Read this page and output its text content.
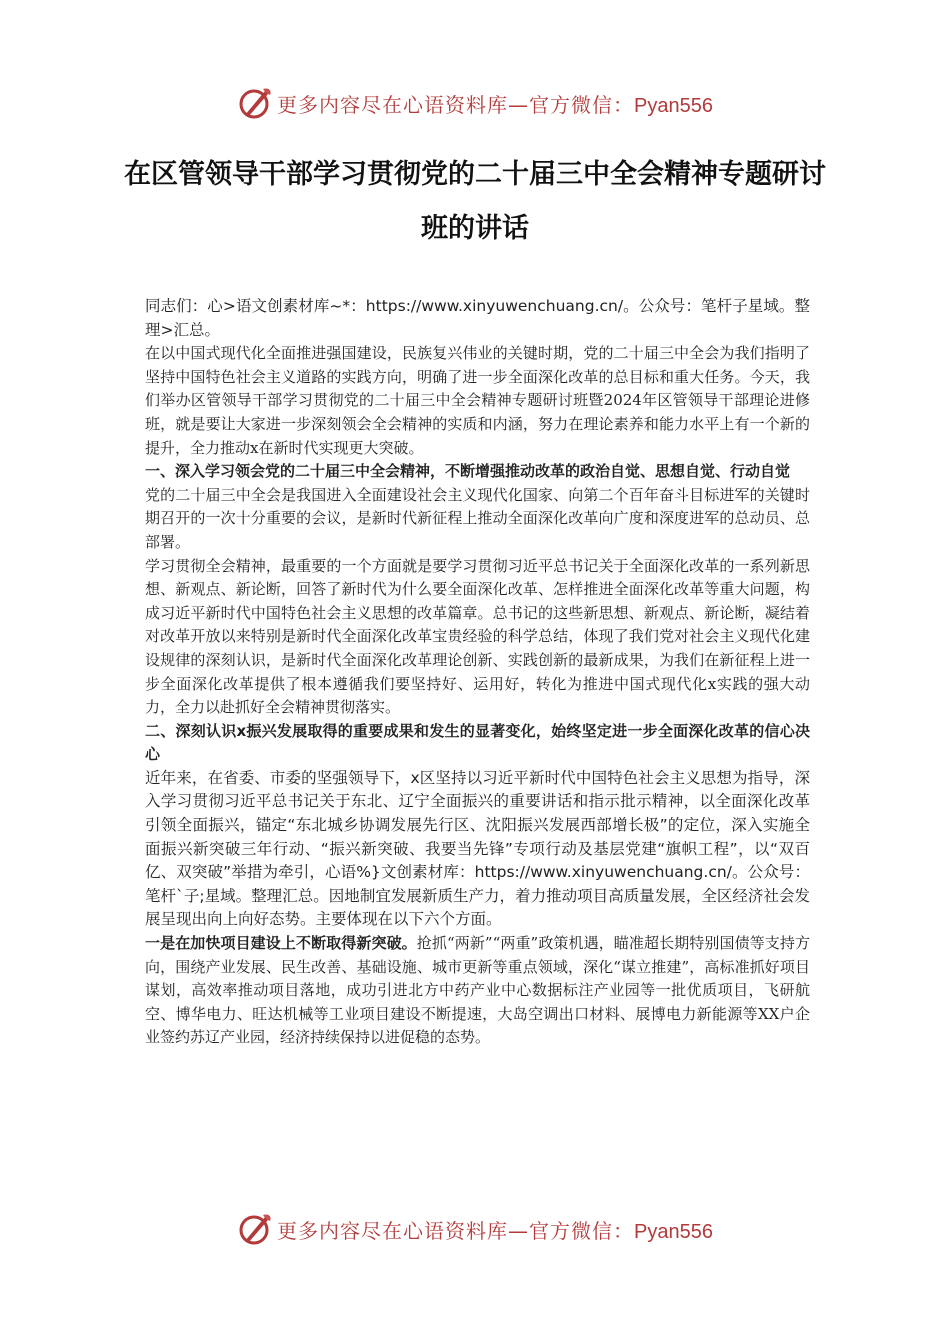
更多内容尽在心语资料库—官方微信：Pyan556
在区管领导干部学习贯彻党的二十届三中全会精神专题研讨班的讲话

同志们：心>语文创素材库~*：https://www.xinyuwenchuang.cn/。公众号：笔杆子星域。整理>汇总。

在以中国式现代化全面推进强国建设，民族复兴伟业的关键时期，党的二十届三中全会为我们指明了坚持中国特色社会主义道路的实践方向，明确了进一步全面深化改革的总目标和重大任务。今天，我们举办区管领导干部学习贯彻党的二十届三中全会精神专题研讨班暨2024年区管领导干部理论进修班，就是要让大家进一步深刻领会全会精神的实质和内涵，努力在理论素养和能力水平上有一个新的提升，全力推动x在新时代实现更大突破。

一、深入学习领会党的二十届三中全会精神，不断增强推动改革的政治自觉、思想自觉、行动自觉

党的二十届三中全会是我国进入全面建设社会主义现代化国家、向第二个百年奋斗目标进军的关键时期召开的一次十分重要的会议，是新时代新征程上推动全面深化改革向广度和深度进军的总动员、总部署。

学习贯彻全会精神，最重要的一个方面就是要学习贯彻习近平总书记关于全面深化改革的一系列新思想、新观点、新论断，回答了新时代为什么要全面深化改革、怎样推进全面深化改革等重大问题，构成习近平新时代中国特色社会主义思想的改革篇章。总书记的这些新思想、新观点、新论断，凝结着对改革开放以来特别是新时代全面深化改革宝贵经验的科学总结，体现了我们党对社会主义现代化建设规律的深刻认识，是新时代全面深化改革理论创新、实践创新的最新成果，为我们在新征程上进一步全面深化改革提供了根本遵循我们要坚持好、运用好，转化为推进中国式现代化x实践的强大动力，全力以赴抓好全会精神贯彻落实。

二、深刻认识x振兴发展取得的重要成果和发生的显著变化，始终坚定进一步全面深化改革的信心决心

近年来，在省委、市委的坚强领导下，x区坚持以习近平新时代中国特色社会主义思想为指导，深入学习贯彻习近平总书记关于东北、辽宁全面振兴的重要讲话和指示批示精神，以全面深化改革引领全面振兴，锚定“东北城乡协调发展先行区、沈阳振兴发展西部增长极”的定位，深入实施全面振兴新突破三年行动、“振兴新突破、我要当先锋”专项行动及基层党建“旗帜工程”，以“双百亿、双突破”举措为牵引，心语%}文创素材库：https://www.xinyuwenchuang.cn/。公众号：笔杆`子;星域。整理汇总。因地制宜发展新质生产力，着力推动项目高质量发展，全区经济社会发展呈现出向上向好态势。主要体现在以下六个方面。

一是在加快项目建设上不断取得新突破。抢抓“两新”“两重”政策机遇，瞄准超长期特别国债等支持方向，围绕产业发展、民生改善、基础设施、城市更新等重点领域，深化“谋立推建”，高标准抓好项目谋划，高效率推动项目落地，成功引进北方中药产业中心数据标注产业园等一批优质项目，飞研航空、博华电力、旺达机械等工业项目建设不断提速，大岛空调出口材料、展博电力新能源等XX户企业签约苏辽产业园，经济持续保持以进促稳的态势。

更多内容尽在心语资料库—官方微信：Pyan556
